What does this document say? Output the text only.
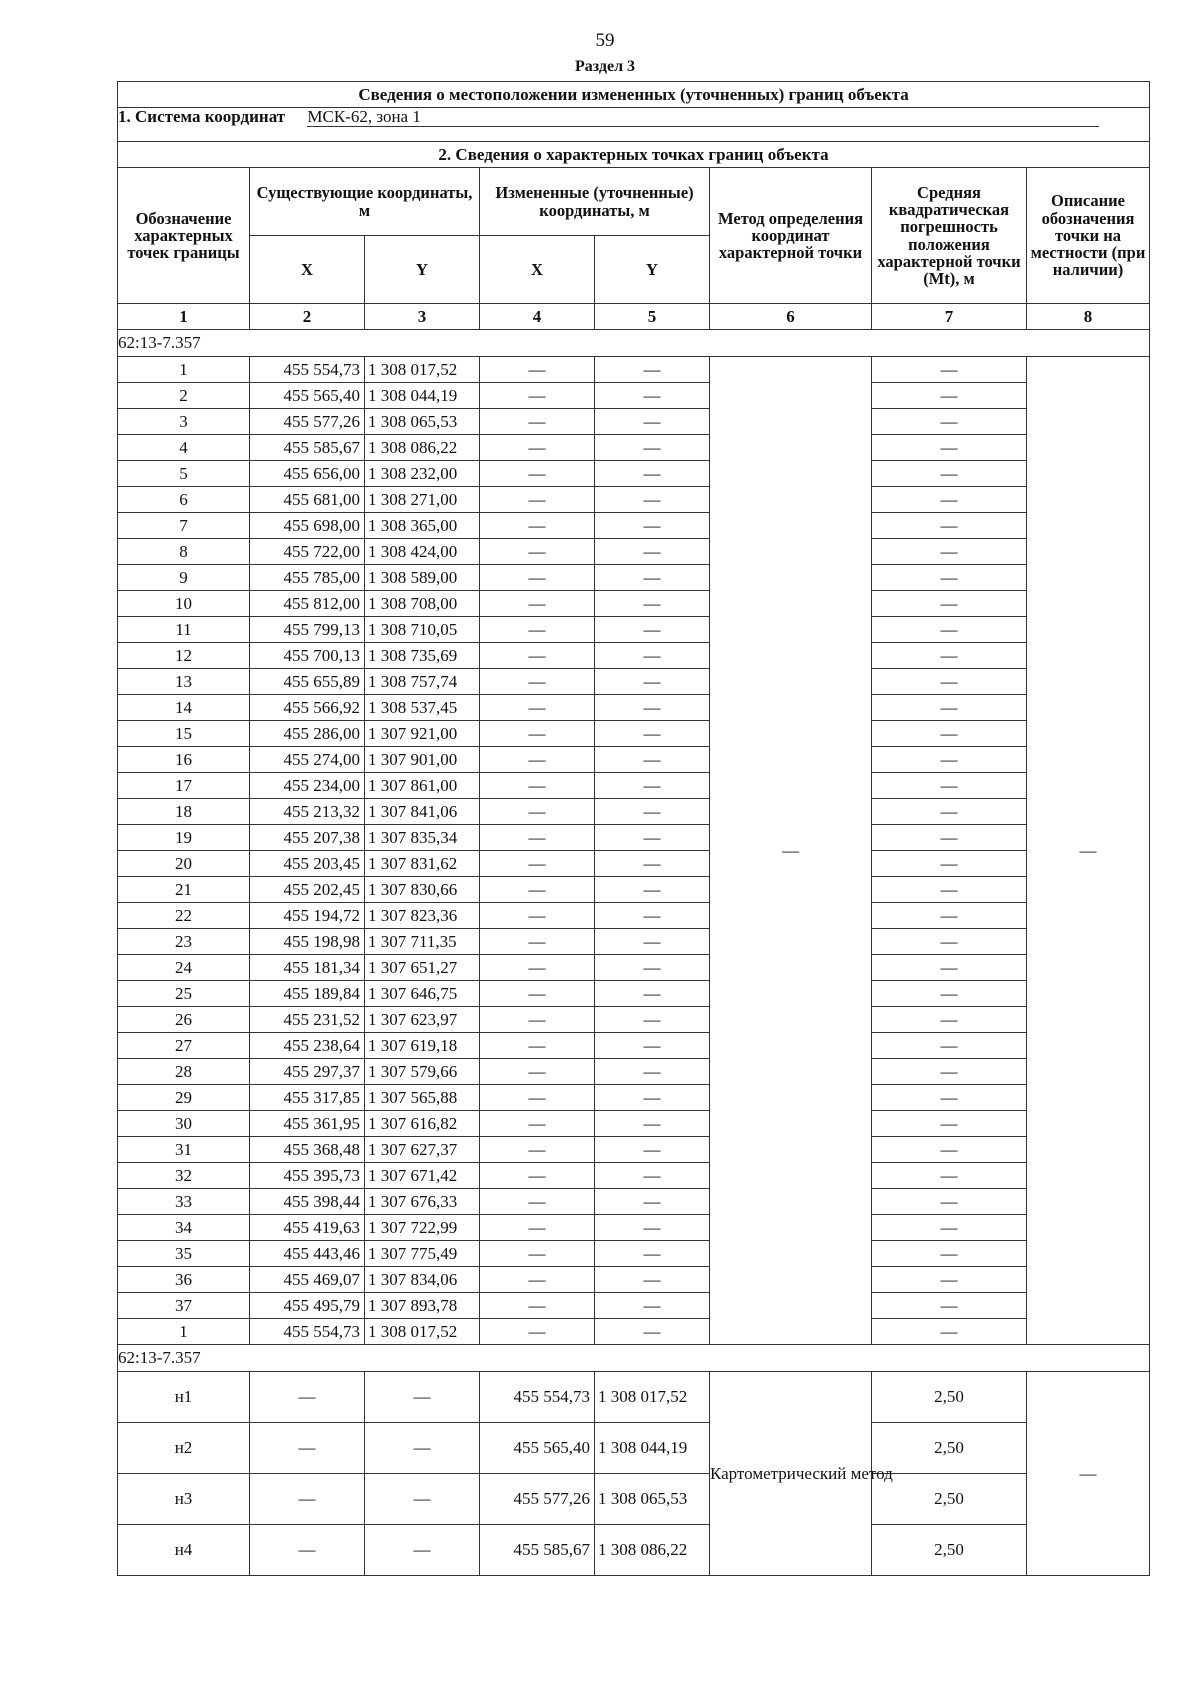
59
Раздел 3
Сведения о местоположении измененных (уточненных) границ объекта							
1. Система координат МСК-62, зона 1							
2. Сведения о характерных точках границ объекта							
Обозначение характерных точек границы	Существующие координаты, м		Измененные (уточненные) координаты, м		Метод определения координат характерной точки	Средняя квадратическая погрешность положения характерной точки (Mt), м	Описание обозначения точки на местности (при наличии)
	X	Y	X	Y			
1	2	3	4	5	6	7	8
62:13-7.357							
1	455 554,73	1 308 017,52	—	—	—	—	—
2	455 565,40	1 308 044,19	—	—		—	
3	455 577,26	1 308 065,53	—	—		—	
4	455 585,67	1 308 086,22	—	—		—	
5	455 656,00	1 308 232,00	—	—		—	
6	455 681,00	1 308 271,00	—	—		—	
7	455 698,00	1 308 365,00	—	—		—	
8	455 722,00	1 308 424,00	—	—		—	
9	455 785,00	1 308 589,00	—	—		—	
10	455 812,00	1 308 708,00	—	—		—	
11	455 799,13	1 308 710,05	—	—		—	
12	455 700,13	1 308 735,69	—	—		—	
13	455 655,89	1 308 757,74	—	—		—	
14	455 566,92	1 308 537,45	—	—		—	
15	455 286,00	1 307 921,00	—	—		—	
16	455 274,00	1 307 901,00	—	—		—	
17	455 234,00	1 307 861,00	—	—		—	
18	455 213,32	1 307 841,06	—	—		—	
19	455 207,38	1 307 835,34	—	—		—	
20	455 203,45	1 307 831,62	—	—		—	
21	455 202,45	1 307 830,66	—	—		—	
22	455 194,72	1 307 823,36	—	—		—	
23	455 198,98	1 307 711,35	—	—		—	
24	455 181,34	1 307 651,27	—	—		—	
25	455 189,84	1 307 646,75	—	—		—	
26	455 231,52	1 307 623,97	—	—		—	
27	455 238,64	1 307 619,18	—	—		—	
28	455 297,37	1 307 579,66	—	—		—	
29	455 317,85	1 307 565,88	—	—		—	
30	455 361,95	1 307 616,82	—	—		—	
31	455 368,48	1 307 627,37	—	—		—	
32	455 395,73	1 307 671,42	—	—		—	
33	455 398,44	1 307 676,33	—	—		—	
34	455 419,63	1 307 722,99	—	—		—	
35	455 443,46	1 307 775,49	—	—		—	
36	455 469,07	1 307 834,06	—	—		—	
37	455 495,79	1 307 893,78	—	—		—	
1	455 554,73	1 308 017,52	—	—		—	
62:13-7.357							
н1	—	—	455 554,73	1 308 017,52	Картометрический метод	2,50	—
н2	—	—	455 565,40	1 308 044,19		2,50	
н3	—	—	455 577,26	1 308 065,53		2,50	
н4	—	—	455 585,67	1 308 086,22		2,50	
